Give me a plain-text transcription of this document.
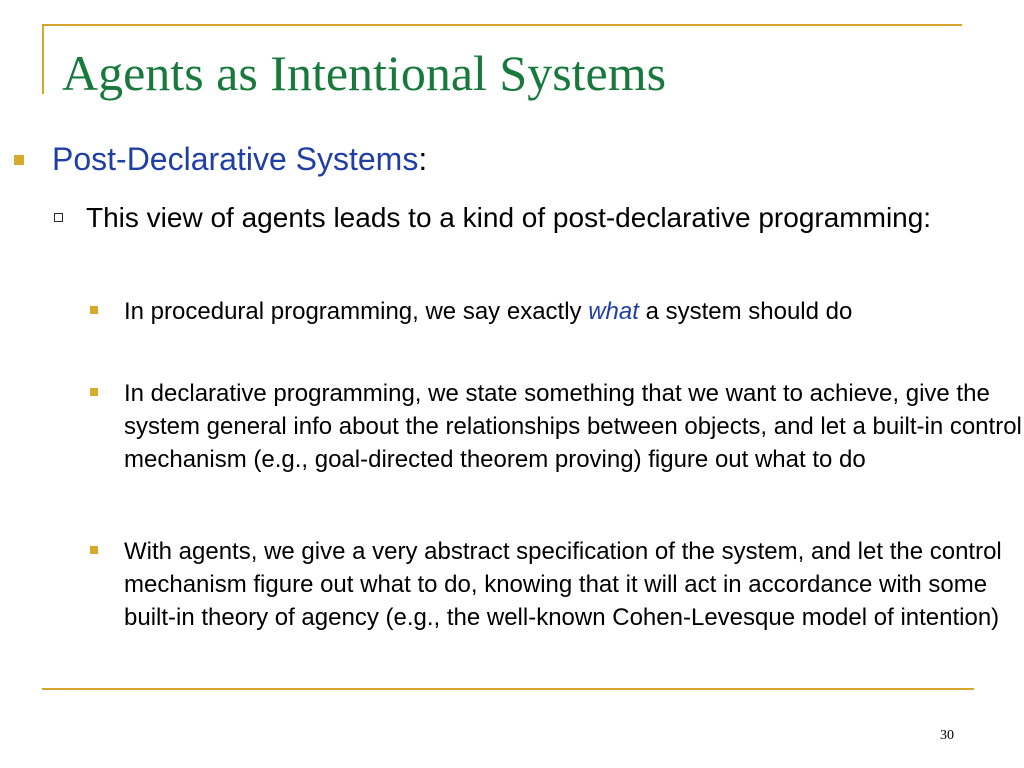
Agents as Intentional Systems
Post-Declarative Systems:
This view of agents leads to a kind of post-declarative programming:
In procedural programming, we say exactly what a system should do
In declarative programming, we state something that we want to achieve, give the system general info about the relationships between objects, and let a built-in control mechanism (e.g., goal-directed theorem proving) figure out what to do
With agents, we give a very abstract specification of the system, and let the control mechanism figure out what to do, knowing that it will act in accordance with some built-in theory of agency (e.g., the well-known Cohen-Levesque model of intention)
30
